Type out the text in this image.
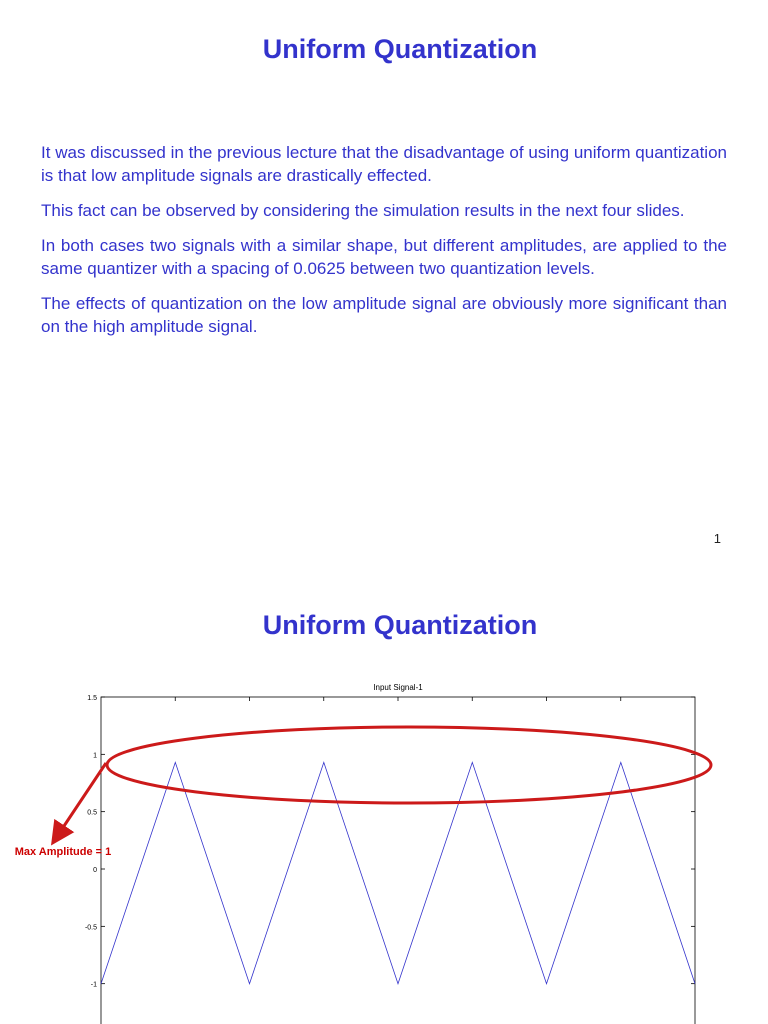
Uniform Quantization

It was discussed in the previous lecture that the disadvantage of using uniform quantization is that low amplitude signals are drastically effected.

This fact can be observed by considering the simulation results in the next four slides.

In both cases two signals with a similar shape, but different amplitudes, are applied to the same quantizer with a spacing of 0.0625 between two quantization levels.

The effects of quantization on the low amplitude signal are obviously more significant than on the high amplitude signal.

1
Uniform Quantization
Input Signal-1
1.5
1
0.5
0
-0.5
-1
Max Amplitude = 1
